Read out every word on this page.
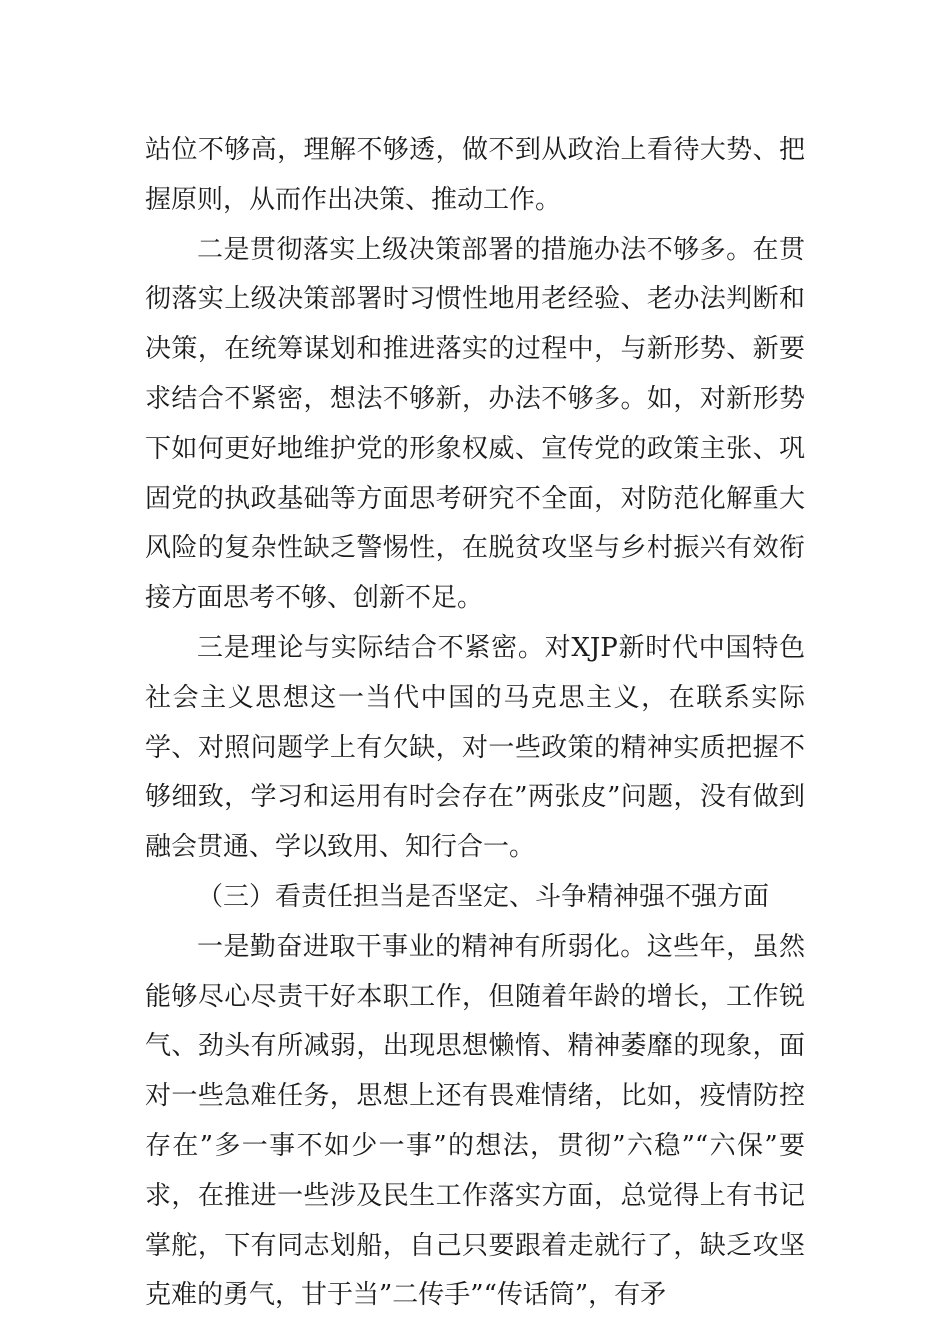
站位不够高，理解不够透，做不到从政治上看待大势、把握原则，从而作出决策、推动工作。

二是贯彻落实上级决策部署的措施办法不够多。在贯彻落实上级决策部署时习惯性地用老经验、老办法判断和决策，在统筹谋划和推进落实的过程中，与新形势、新要求结合不紧密，想法不够新，办法不够多。如，对新形势下如何更好地维护党的形象权威、宣传党的政策主张、巩固党的执政基础等方面思考研究不全面，对防范化解重大风险的复杂性缺乏警惕性，在脱贫攻坚与乡村振兴有效衔接方面思考不够、创新不足。

三是理论与实际结合不紧密。对XJP新时代中国特色社会主义思想这一当代中国的马克思主义，在联系实际学、对照问题学上有欠缺，对一些政策的精神实质把握不够细致，学习和运用有时会存在”两张皮”问题，没有做到融会贯通、学以致用、知行合一。

（三）看责任担当是否坚定、斗争精神强不强方面

一是勤奋进取干事业的精神有所弱化。这些年，虽然能够尽心尽责干好本职工作，但随着年龄的增长，工作锐气、劲头有所减弱，出现思想懒惰、精神萎靡的现象，面对一些急难任务，思想上还有畏难情绪，比如，疫情防控存在”多一事不如少一事”的想法，贯彻”六稳”“六保”要求，在推进一些涉及民生工作落实方面，总觉得上有书记掌舵，下有同志划船，自己只要跟着走就行了，缺乏攻坚克难的勇气，甘于当”二传手”“传话筒”，有矛
